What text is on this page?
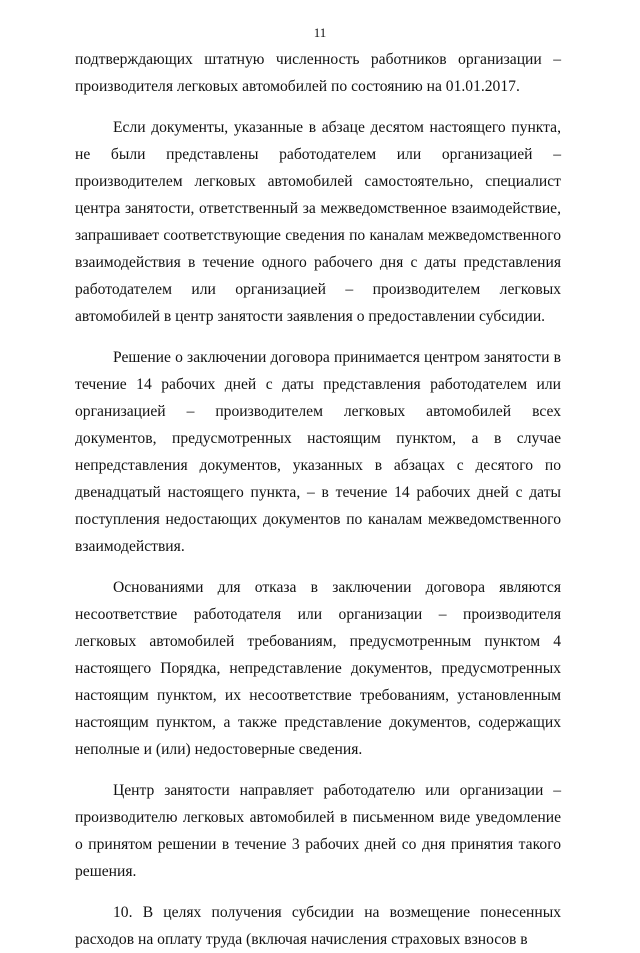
11

подтверждающих штатную численность работников организации – производителя легковых автомобилей по состоянию на 01.01.2017.

Если документы, указанные в абзаце десятом настоящего пункта, не были представлены работодателем или организацией – производителем легковых автомобилей самостоятельно, специалист центра занятости, ответственный за межведомственное взаимодействие, запрашивает соответствующие сведения по каналам межведомственного взаимодействия в течение одного рабочего дня с даты представления работодателем или организацией – производителем легковых автомобилей в центр занятости заявления о предоставлении субсидии.

Решение о заключении договора принимается центром занятости в течение 14 рабочих дней с даты представления работодателем или организацией – производителем легковых автомобилей всех документов, предусмотренных настоящим пунктом, а в случае непредставления документов, указанных в абзацах с десятого по двенадцатый настоящего пункта, – в течение 14 рабочих дней с даты поступления недостающих документов по каналам межведомственного взаимодействия.

Основаниями для отказа в заключении договора являются несоответствие работодателя или организации – производителя легковых автомобилей требованиям, предусмотренным пунктом 4 настоящего Порядка, непредставление документов, предусмотренных настоящим пунктом, их несоответствие требованиям, установленным настоящим пунктом, а также представление документов, содержащих неполные и (или) недостоверные сведения.

Центр занятости направляет работодателю или организации – производителю легковых автомобилей в письменном виде уведомление о принятом решении в течение 3 рабочих дней со дня принятия такого решения.

10. В целях получения субсидии на возмещение понесенных расходов на оплату труда (включая начисления страховых взносов в
